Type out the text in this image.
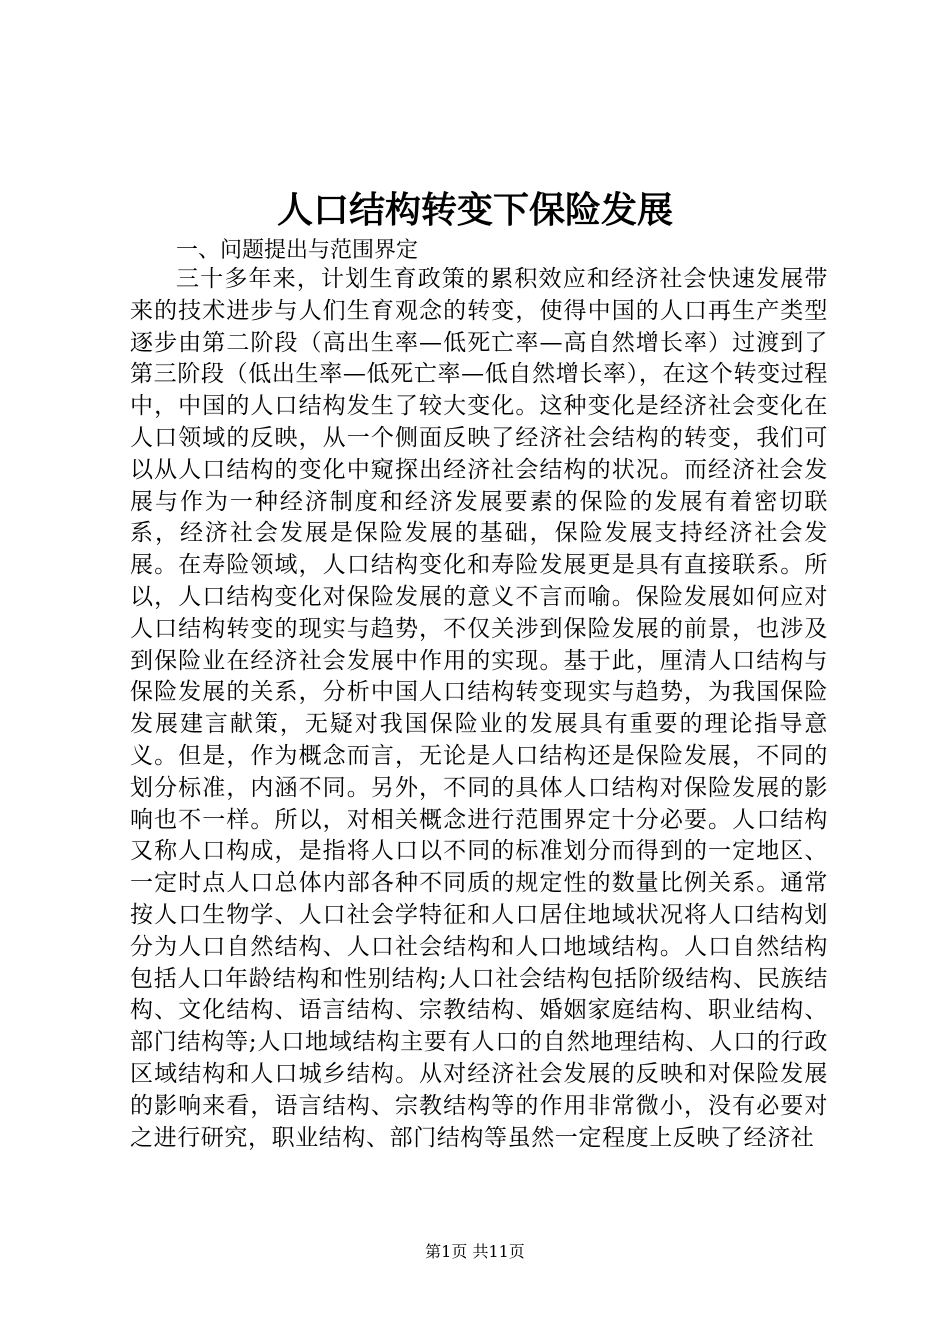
人口结构转变下保险发展
一、问题提出与范围界定
三十多年来，计划生育政策的累积效应和经济社会快速发展带来的技术进步与人们生育观念的转变，使得中国的人口再生产类型逐步由第二阶段（高出生率—低死亡率—高自然增长率）过渡到了第三阶段（低出生率—低死亡率—低自然增长率），在这个转变过程中，中国的人口结构发生了较大变化。这种变化是经济社会变化在人口领域的反映，从一个侧面反映了经济社会结构的转变，我们可以从人口结构的变化中窥探出经济社会结构的状况。而经济社会发展与作为一种经济制度和经济发展要素的保险的发展有着密切联系，经济社会发展是保险发展的基础，保险发展支持经济社会发展。在寿险领域，人口结构变化和寿险发展更是具有直接联系。所以，人口结构变化对保险发展的意义不言而喻。保险发展如何应对人口结构转变的现实与趋势，不仅关涉到保险发展的前景，也涉及到保险业在经济社会发展中作用的实现。基于此，厘清人口结构与保险发展的关系，分析中国人口结构转变现实与趋势，为我国保险发展建言献策，无疑对我国保险业的发展具有重要的理论指导意义。但是，作为概念而言，无论是人口结构还是保险发展，不同的划分标准，内涵不同。另外，不同的具体人口结构对保险发展的影响也不一样。所以，对相关概念进行范围界定十分必要。人口结构又称人口构成，是指将人口以不同的标准划分而得到的一定地区、一定时点人口总体内部各种不同质的规定性的数量比例关系。通常按人口生物学、人口社会学特征和人口居住地域状况将人口结构划分为人口自然结构、人口社会结构和人口地域结构。人口自然结构包括人口年龄结构和性别结构;人口社会结构包括阶级结构、民族结构、文化结构、语言结构、宗教结构、婚姻家庭结构、职业结构、部门结构等;人口地域结构主要有人口的自然地理结构、人口的行政区域结构和人口城乡结构。从对经济社会发展的反映和对保险发展的影响来看，语言结构、宗教结构等的作用非常微小，没有必要对之进行研究，职业结构、部门结构等虽然一定程度上反映了经济社
第1页 共11页
